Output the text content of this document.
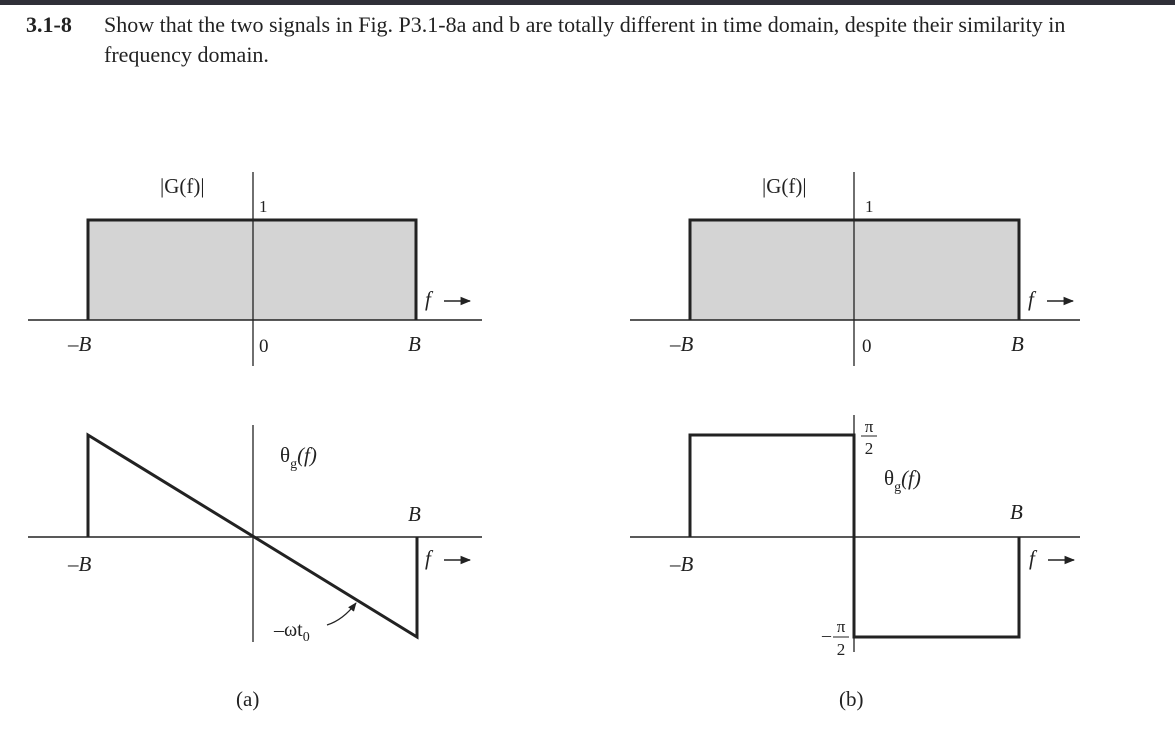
3.1-8 Show that the two signals in Fig. P3.1-8a and b are totally different in time domain, despite their similarity in frequency domain.
|G(f)|
1
f
–B	0	B
$\theta_g(f)$
B
–B	f
$-\omega t_0$
(a)
|G(f)|
1
f
–B	0	B
π
2
– π
2
$\theta_g(f)$
B
–B	f
(b)
